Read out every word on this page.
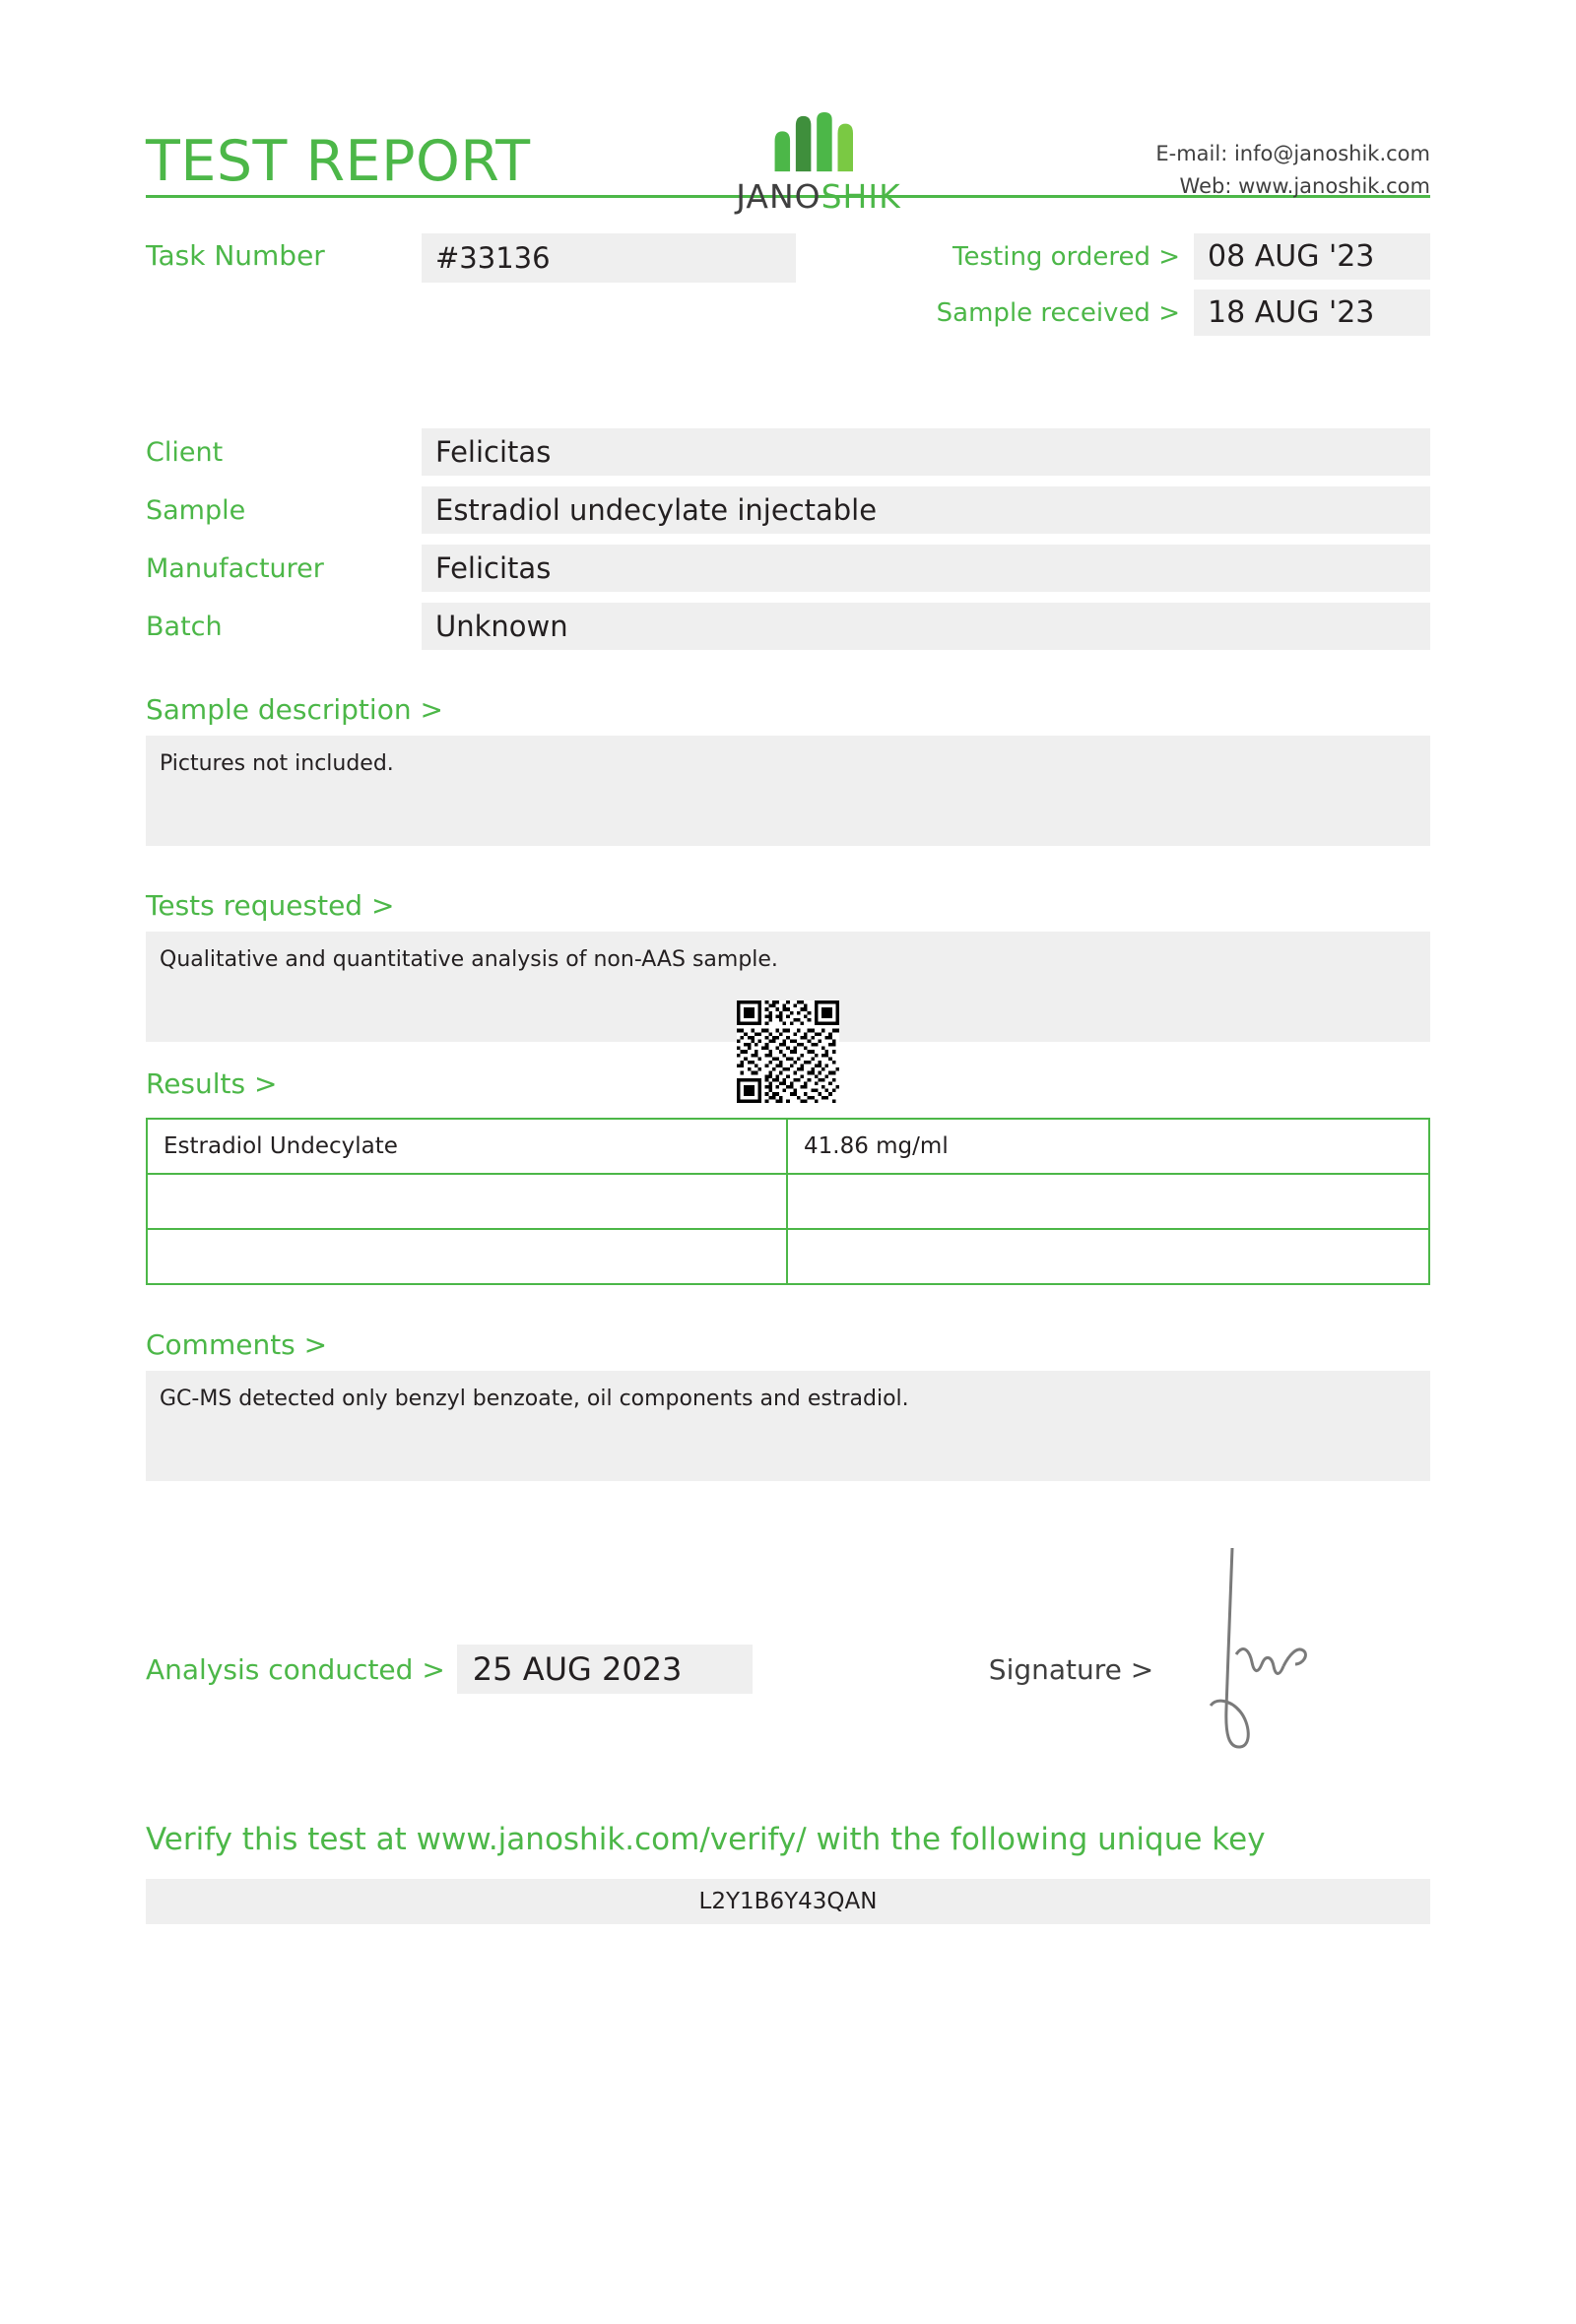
TEST REPORT
JANOSHIK
E-mail: info@janoshik.com
Web: www.janoshik.com
Task Number	#33136	Testing ordered > 08 AUG '23
Sample received > 18 AUG '23
Client	Felicitas
Sample	Estradiol undecylate injectable
Manufacturer	Felicitas
Batch	Unknown
Sample description >
Pictures not included.
Tests requested >
Qualitative and quantitative analysis of non-AAS sample.
Results >
Estradiol Undecylate	41.86 mg/ml

Comments >
GC-MS detected only benzyl benzoate, oil components and estradiol.
Analysis conducted > 25 AUG 2023	Signature >
Verify this test at www.janoshik.com/verify/ with the following unique key
L2Y1B6Y43QAN
